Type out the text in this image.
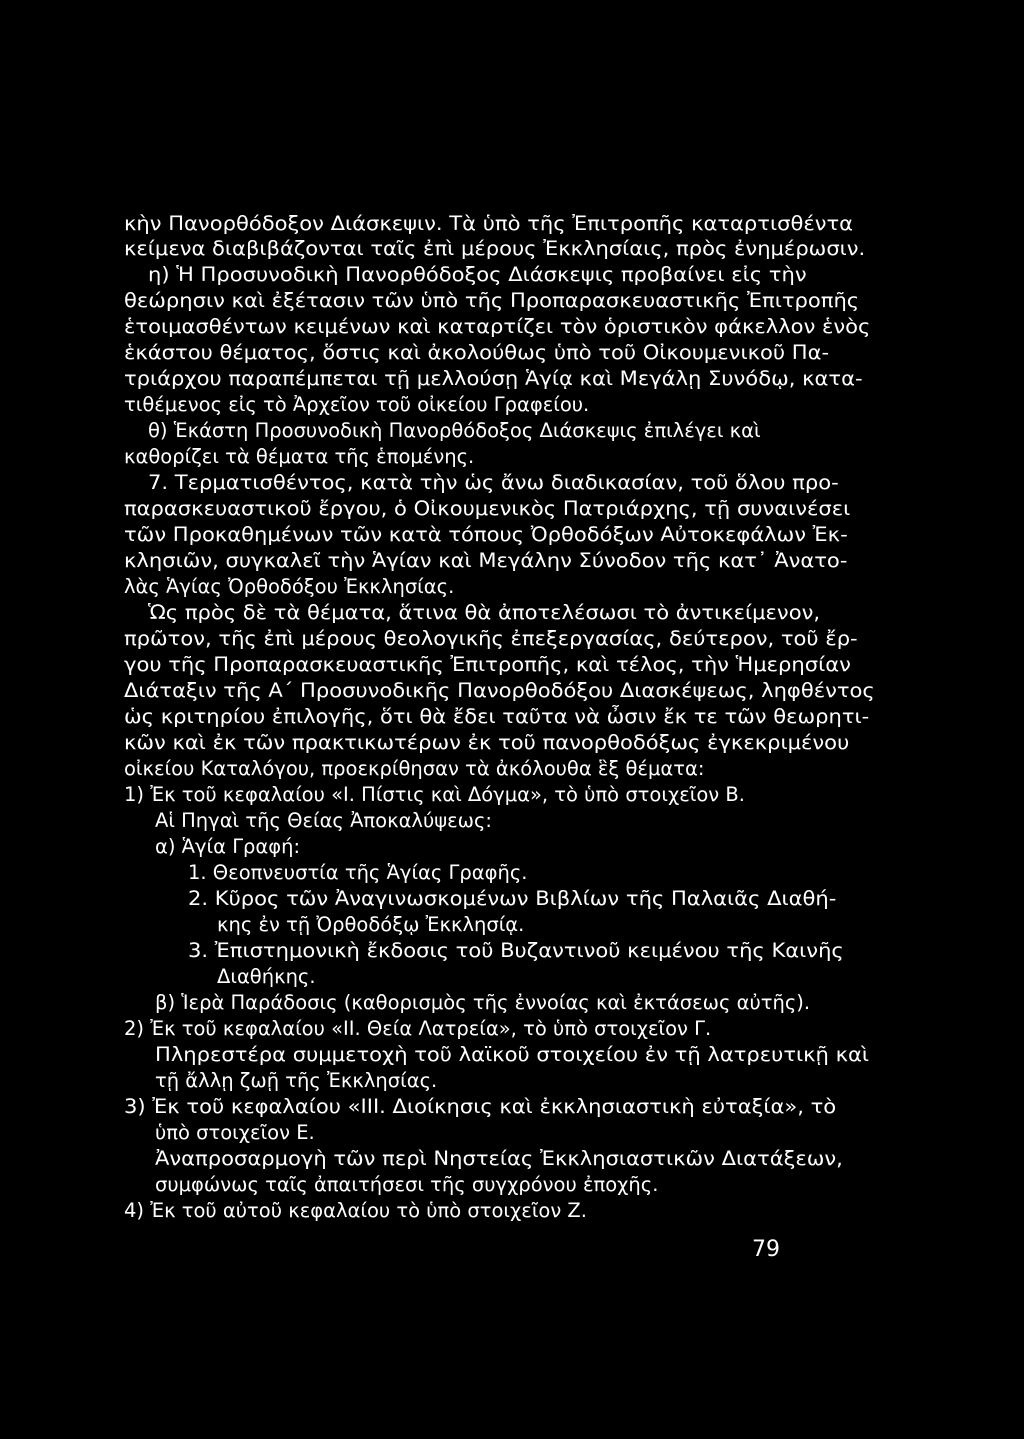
κὴν Πανορθόδοξον Διάσκεψιν. Τὰ ὑπὸ τῆς Ἐπιτροπῆς καταρτισθέντα
κείμενα διαβιβάζονται ταῖς ἐπὶ μέρους Ἐκκλησίαις, πρὸς ἐνημέρωσιν.
η) Ἡ Προσυνοδικὴ Πανορθόδοξος Διάσκεψις προβαίνει εἰς τὴν
θεώρησιν καὶ ἐξέτασιν τῶν ὑπὸ τῆς Προπαρασκευαστικῆς Ἐπιτροπῆς
ἑτοιμασθέντων κειμένων καὶ καταρτίζει τὸν ὁριστικὸν φάκελλον ἑνὸς
ἑκάστου θέματος, ὅστις καὶ ἀκολούθως ὑπὸ τοῦ Οἰκουμενικοῦ Πα-
τριάρχου παραπέμπεται τῇ μελλούσῃ Ἁγίᾳ καὶ Μεγάλῃ Συνόδῳ, κατα-
τιθέμενος εἰς τὸ Ἀρχεῖον τοῦ οἰκείου Γραφείου.
θ) Ἑκάστη Προσυνοδικὴ Πανορθόδοξος Διάσκεψις ἐπιλέγει καὶ
καθορίζει τὰ θέματα τῆς ἑπομένης.
7. Τερματισθέντος, κατὰ τὴν ὡς ἄνω διαδικασίαν, τοῦ ὅλου προ-
παρασκευαστικοῦ ἔργου, ὁ Οἰκουμενικὸς Πατριάρχης, τῇ συναινέσει
τῶν Προκαθημένων τῶν κατὰ τόπους Ὀρθοδόξων Αὐτοκεφάλων Ἐκ-
κλησιῶν, συγκαλεῖ τὴν Ἁγίαν καὶ Μεγάλην Σύνοδον τῆς κατ᾽ Ἀνατο-
λὰς Ἁγίας Ὀρθοδόξου Ἐκκλησίας.
Ὡς πρὸς δὲ τὰ θέματα, ἅτινα θὰ ἀποτελέσωσι τὸ ἀντικείμενον,
πρῶτον, τῆς ἐπὶ μέρους θεολογικῆς ἐπεξεργασίας, δεύτερον, τοῦ ἔρ-
γου τῆς Προπαρασκευαστικῆς Ἐπιτροπῆς, καὶ τέλος, τὴν Ἡμερησίαν
Διάταξιν τῆς Α΄ Προσυνοδικῆς Πανορθοδόξου Διασκέψεως, ληφθέντος
ὡς κριτηρίου ἐπιλογῆς, ὅτι θὰ ἔδει ταῦτα νὰ ὦσιν ἔκ τε τῶν θεωρητι-
κῶν καὶ ἐκ τῶν πρακτικωτέρων ἐκ τοῦ πανορθοδόξως ἐγκεκριμένου
οἰκείου Καταλόγου, προεκρίθησαν τὰ ἀκόλουθα ἓξ θέματα:
1) Ἐκ τοῦ κεφαλαίου «Ι. Πίστις καὶ Δόγμα», τὸ ὑπὸ στοιχεῖον Β.
Αἱ Πηγαὶ τῆς Θείας Ἀποκαλύψεως:
α) Ἁγία Γραφή:
1. Θεοπνευστία τῆς Ἁγίας Γραφῆς.
2. Κῦρος τῶν Ἀναγινωσκομένων Βιβλίων τῆς Παλαιᾶς Διαθή-
κης ἐν τῇ Ὀρθοδόξῳ Ἐκκλησίᾳ.
3. Ἐπιστημονικὴ ἔκδοσις τοῦ Βυζαντινοῦ κειμένου τῆς Καινῆς
Διαθήκης.
β) Ἱερὰ Παράδοσις (καθορισμὸς τῆς ἐννοίας καὶ ἐκτάσεως αὐτῆς).
2) Ἐκ τοῦ κεφαλαίου «ΙΙ. Θεία Λατρεία», τὸ ὑπὸ στοιχεῖον Γ.
Πληρεστέρα συμμετοχὴ τοῦ λαϊκοῦ στοιχείου ἐν τῇ λατρευτικῇ καὶ
τῇ ἄλλῃ ζωῇ τῆς Ἐκκλησίας.
3) Ἐκ τοῦ κεφαλαίου «ΙΙΙ. Διοίκησις καὶ ἐκκλησιαστικὴ εὐταξία», τὸ
ὑπὸ στοιχεῖον Ε.
Ἀναπροσαρμογὴ τῶν περὶ Νηστείας Ἐκκλησιαστικῶν Διατάξεων,
συμφώνως ταῖς ἀπαιτήσεσι τῆς συγχρόνου ἐποχῆς.
4) Ἐκ τοῦ αὐτοῦ κεφαλαίου τὸ ὑπὸ στοιχεῖον Ζ.
79
